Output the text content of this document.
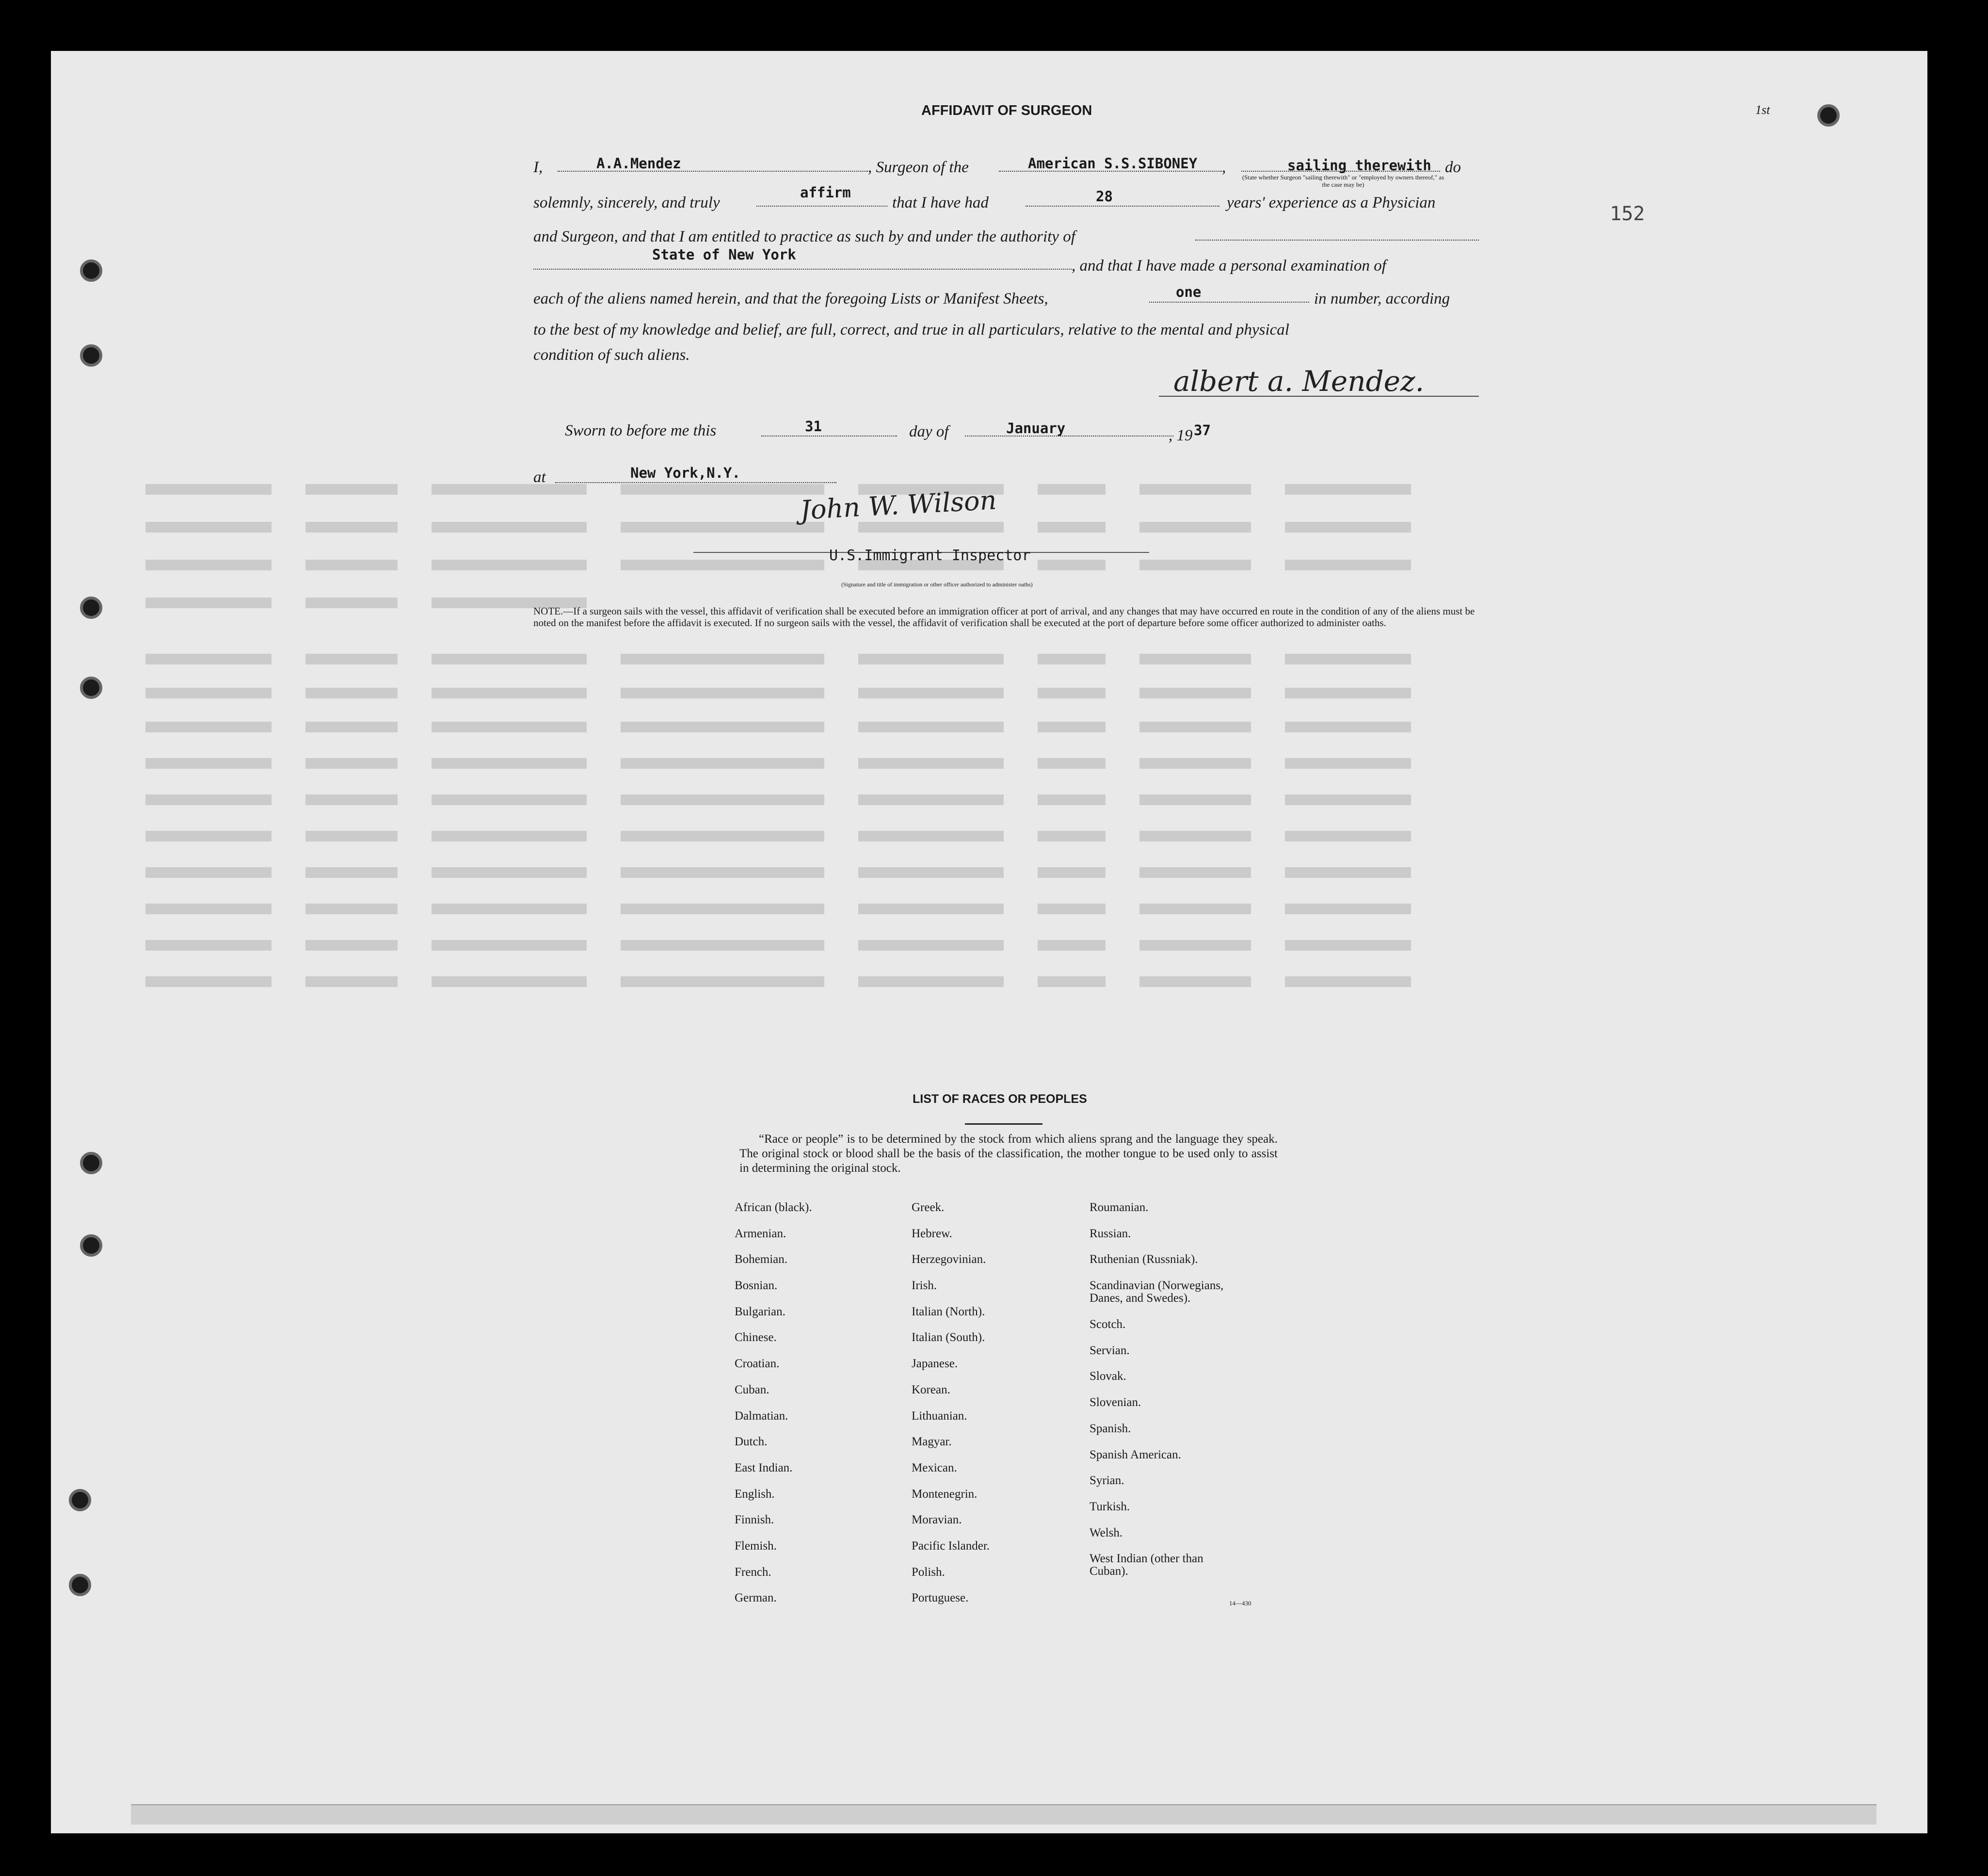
AFFIDAVIT OF SURGEON	1st
152
I,	A.A.Mendez	, Surgeon of the	American S.S.SIBONEY ,	sailing therewith do
(State whether Surgeon "sailing therewith" or "employed by owners thereof," as the case may be)
solemnly, sincerely, and truly
affirm
that I have had	28	years' experience as a Physician
and Surgeon, and that I am entitled to practice as such by and under the authority of
State of New York
, and that I have made a personal examination of
each of the aliens named herein, and that the foregoing Lists or Manifest Sheets,	one	in number, according
to the best of my knowledge and belief, are full, correct, and true in all particulars, relative to the mental and physical
condition of such aliens.
albert a. Mendez.
Sworn to before me this	31	day of	January	, 19 37
at	New York,N.Y.
John W. Wilson
U.S.Immigrant Inspector
(Signature and title of immigration or other officer authorized to administer oaths)
NOTE.—If a surgeon sails with the vessel, this affidavit of verification shall be executed before an immigration officer at port of arrival, and any changes that may have occurred en route in the condition of any of the aliens must be noted on the manifest before the affidavit is executed. If no surgeon sails with the vessel, the affidavit of verification shall be executed at the port of departure before some officer authorized to administer oaths.
LIST OF RACES OR PEOPLES
“Race or people” is to be determined by the stock from which aliens sprang and the language they speak. The original stock or blood shall be the basis of the classification, the mother tongue to be used only to assist in determining the original stock.
African (black).
Armenian.
Bohemian.
Bosnian.
Bulgarian.
Chinese.
Croatian.
Cuban.
Dalmatian.
Dutch.
East Indian.
English.
Finnish.
Flemish.
French.
German.
Greek.
Hebrew.
Herzegovinian.
Irish.
Italian (North).
Italian (South).
Japanese.
Korean.
Lithuanian.
Magyar.
Mexican.
Montenegrin.
Moravian.
Pacific Islander.
Polish.
Portuguese.
Roumanian.
Russian.
Ruthenian (Russniak).
Scandinavian (Norwegians, Danes, and Swedes).
Scotch.
Servian.
Slovak.
Slovenian.
Spanish.
Spanish American.
Syrian.
Turkish.
Welsh.
West Indian (other than Cuban).
14—430
